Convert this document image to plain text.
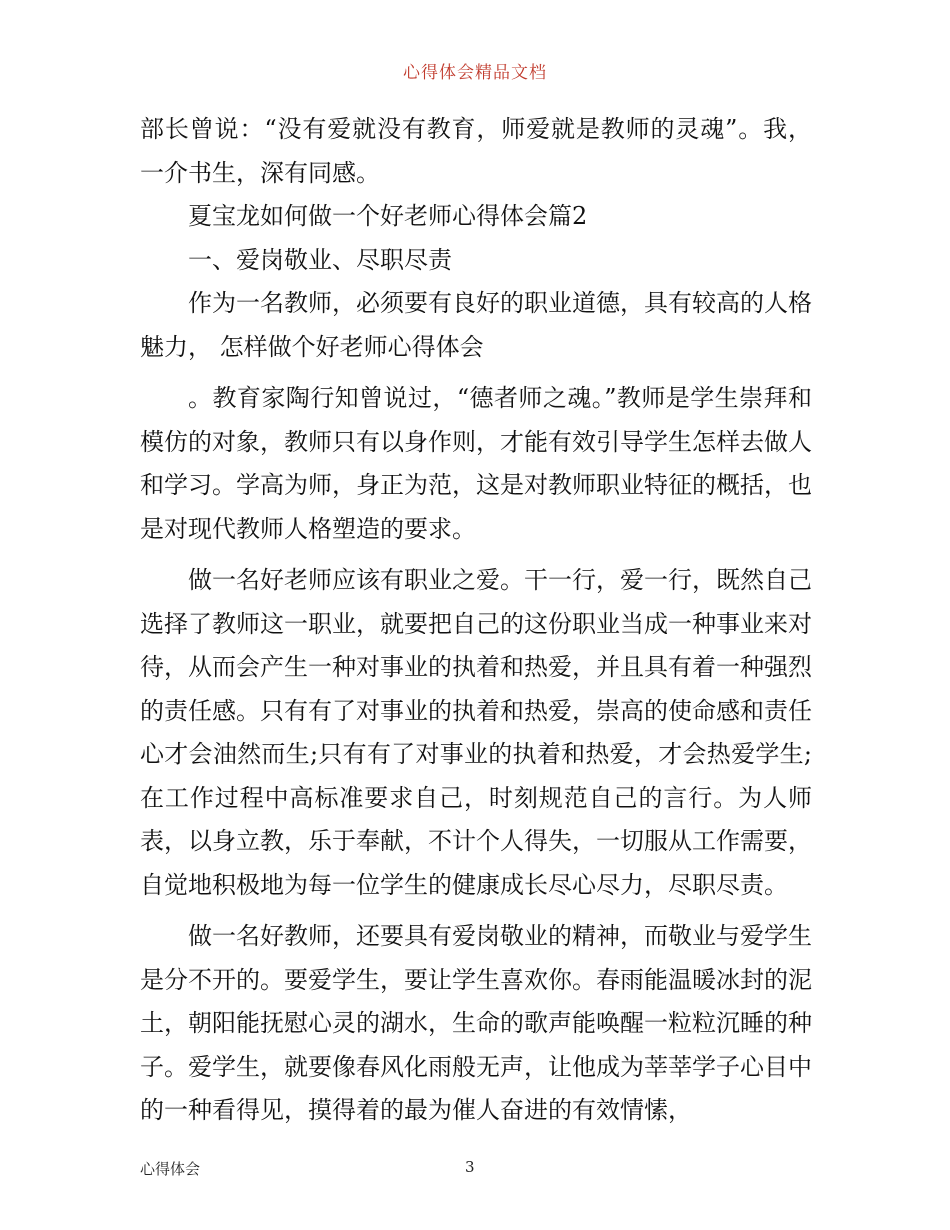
心得体会精品文档

部长曾说：“没有爱就没有教育，师爱就是教师的灵魂”。我，一介书生，深有同感。

夏宝龙如何做一个好老师心得体会篇2

一、爱岗敬业、尽职尽责

作为一名教师，必须要有良好的职业道德，具有较高的人格魅力， 怎样做个好老师心得体会

。教育家陶行知曾说过，“德者师之魂。”教师是学生崇拜和模仿的对象，教师只有以身作则，才能有效引导学生怎样去做人和学习。学高为师，身正为范，这是对教师职业特征的概括，也是对现代教师人格塑造的要求。

做一名好老师应该有职业之爱。干一行，爱一行，既然自己选择了教师这一职业，就要把自己的这份职业当成一种事业来对待，从而会产生一种对事业的执着和热爱，并且具有着一种强烈的责任感。只有有了对事业的执着和热爱，崇高的使命感和责任心才会油然而生;只有有了对事业的执着和热爱，才会热爱学生;在工作过程中高标准要求自己，时刻规范自己的言行。为人师表，以身立教，乐于奉献，不计个人得失，一切服从工作需要，自觉地积极地为每一位学生的健康成长尽心尽力，尽职尽责。

做一名好教师，还要具有爱岗敬业的精神，而敬业与爱学生是分不开的。要爱学生，要让学生喜欢你。春雨能温暖冰封的泥土，朝阳能抚慰心灵的湖水，生命的歌声能唤醒一粒粒沉睡的种子。爱学生，就要像春风化雨般无声，让他成为莘莘学子心目中的一种看得见，摸得着的最为催人奋进的有效情愫，

心得体会	3
